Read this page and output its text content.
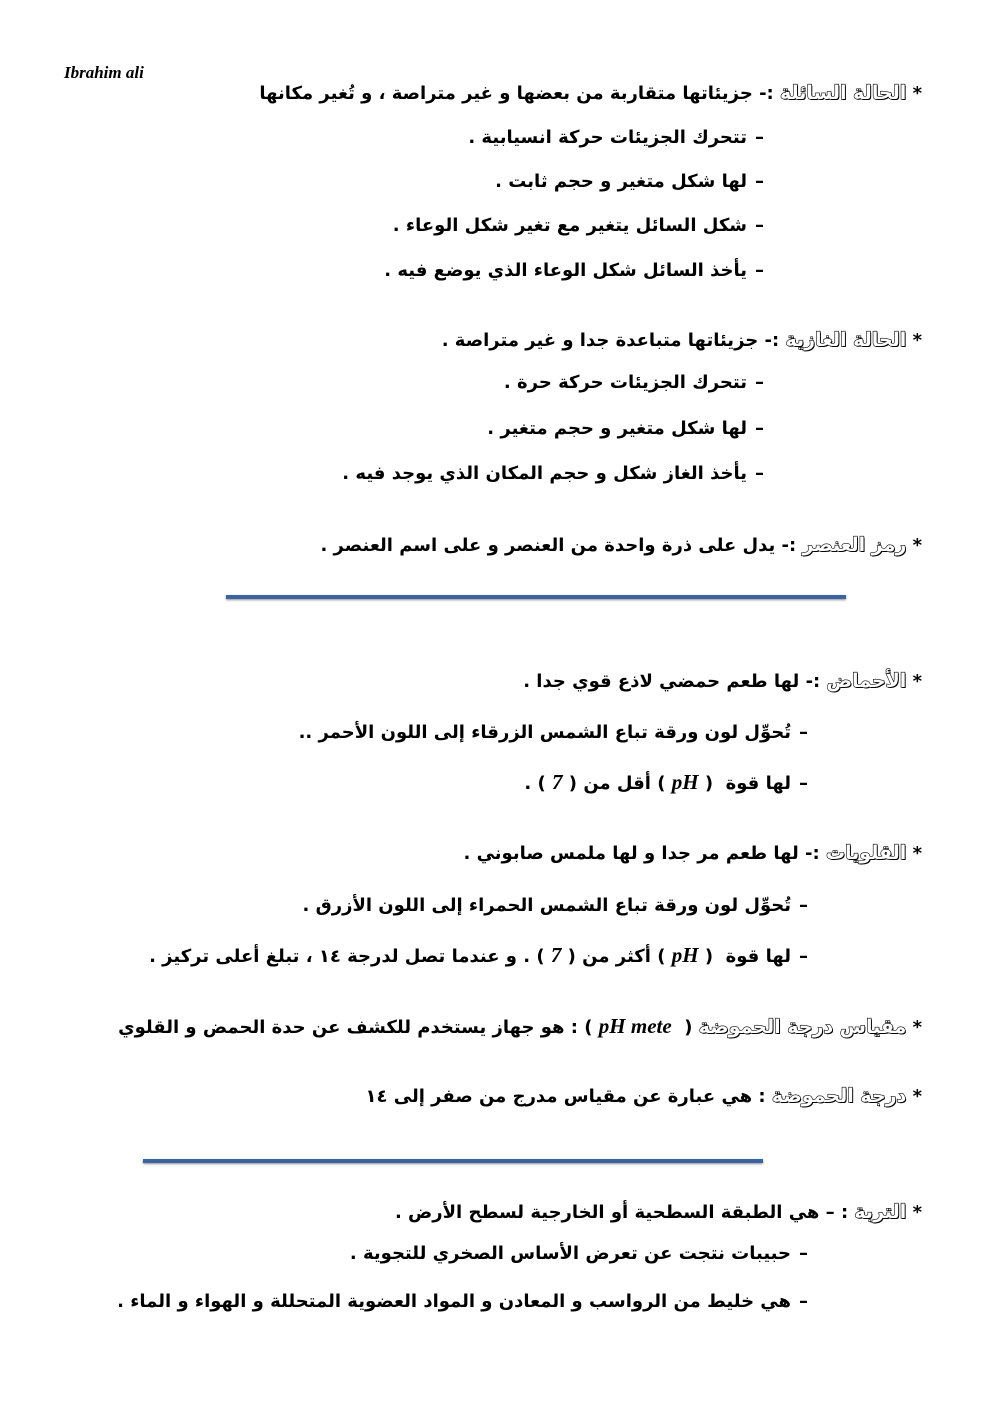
Ibrahim ali
* الحالة السائلة :- جزيئاتها متقاربة من بعضها و غير متراصة ، و تُغير مكانها
–تتحرك الجزيئات حركة انسيابية .
–لها شكل متغير و حجم ثابت .
–شكل السائل يتغير مع تغير شكل الوعاء .
–يأخذ السائل شكل الوعاء الذي يوضع فيه .
* الحالة الغازية :- جزيئاتها متباعدة جدا و غير متراصة .
–تتحرك الجزيئات حركة حرة .
–لها شكل متغير و حجم متغير .
–يأخذ الغاز شكل و حجم المكان الذي يوجد فيه .
* رمز العنصر :- يدل على ذرة واحدة من العنصر و على اسم العنصر .
* الأحماض :- لها طعم حمضي لاذع قوي جدا .
–تُحوِّل لون ورقة تباع الشمس الزرقاء إلى اللون الأحمر ..
–لها قوة  ( pH ) أقل من ( 7 ) .
* القلويات :- لها طعم مر جدا و لها ملمس صابوني .
–تُحوِّل لون ورقة تباع الشمس الحمراء إلى اللون الأزرق .
–لها قوة  ( pH ) أكثر من ( 7 ) . و عندما تصل لدرجة ١٤ ، تبلغ أعلى تركيز .
* مقياس درجة الحموضة ( pH mete  ) : هو جهاز يستخدم للكشف عن حدة الحمض و القلوي
* درجة الحموضة : هي عبارة عن مقياس مدرج من صفر إلى ١٤
* التربة : – هي الطبقة السطحية أو الخارجية لسطح الأرض .
–حبيبات نتجت عن تعرض الأساس الصخري للتجوية .
–هي خليط من الرواسب و المعادن و المواد العضوية المتحللة و الهواء و الماء .
